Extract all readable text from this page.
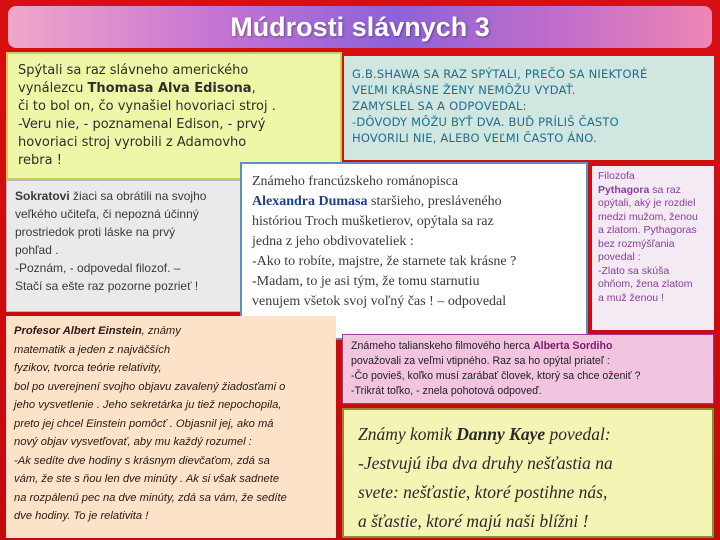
Múdrosti slávnych 3
Spýtali sa raz slávneho amerického
vynálezcu Thomasa Alva Edisona,
či to bol on, čo vynašiel hovoriaci stroj .
-Veru nie, - poznamenal Edison, - prvý
hovoriaci stroj vyrobili z Adamovho
rebra !
G.B.SHAWA SA RAZ SPÝTALI, PREČO SA NIEKTORÉ
VEĽMI KRÁSNE ŽENY NEMÔŽU VYDAŤ.
ZAMYSLEL SA A ODPOVEDAL:
-DÔVODY MÔŽU BYŤ DVA. BUĎ PRÍLIŠ ČASTO
HOVORILI NIE, ALEBO VEĽMI ČASTO ÁNO.
Sokratovi žiaci sa obrátili na svojho
veľkého učiteľa, či nepozná účinný
prostriedok proti láske na prvý
pohľad .
-Poznám, - odpovedal filozof. –
Stačí sa ešte raz pozorne pozrieť !
Známeho francúzskeho románopisca
Alexandra Dumasa staršieho, presláveného
históriou Troch mušketierov, opýtala sa raz
jedna z jeho obdivovateliek :
-Ako to robíte, majstre, že starnete tak krásne ?
-Madam, to je asi tým, že tomu starnutiu
venujem všetok svoj voľný čas ! – odpovedal
Filozofa
Pythagora sa raz
opýtali, aký je rozdiel
medzi mužom, ženou
a zlatom. Pythagoras
bez rozmýšľania
povedal :
-Zlato sa skúša
ohňom, žena zlatom
a muž ženou !
Profesor Albert Einstein, známy
matematik a jeden z najväčších
fyzikov, tvorca teórie relativity,
bol po uverejnení svojho objavu zavalený žiadosťami o
jeho vysvetlenie . Jeho sekretárka ju tiež nepochopila,
preto jej chcel Einstein pomôcť . Objasnil jej, ako má
nový objav vysvetľovať, aby mu každý rozumel :
-Ak sedíte dve hodiny s krásnym dievčaťom, zdá sa
vám, že ste s ňou len dve minúty . Ak si však sadnete
na rozpálenú pec na dve minúty, zdá sa vám, že sedíte
dve hodiny. To je relativita !
Známeho talianskeho filmového herca Alberta Sordiho
považovali za veľmi vtipného. Raz sa ho opýtal priateľ :
-Čo povieš, koľko musí zarábať človek, ktorý sa chce oženiť ?
-Trikrát toľko, - znela pohotová odpoveď.
Známy komik Danny Kaye povedal:
-Jestvujú iba dva druhy nešťastia na
svete: nešťastie, ktoré postihne nás,
a šťastie, ktoré majú naši blížni !
